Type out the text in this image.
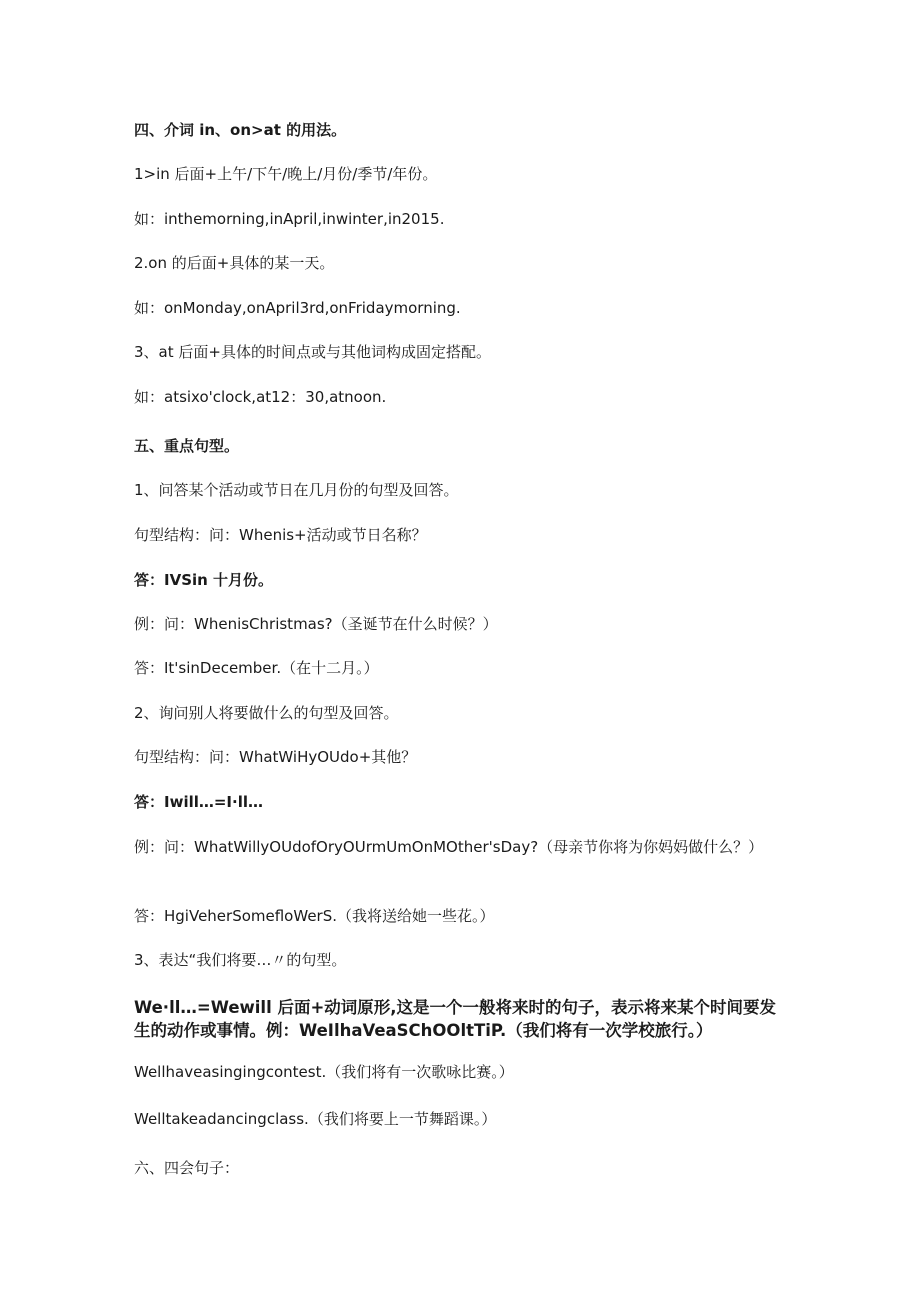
四、介词 in、on>at 的用法。
1>in 后面+上午/下午/晚上/月份/季节/年份。
如：inthemorning,inApril,inwinter,in2015.
2.on 的后面+具体的某一天。
如：onMonday,onApril3rd,onFridaymorning.
3、at 后面+具体的时间点或与其他词构成固定搭配。
如：atsixo'clock,at12：30,atnoon.
五、重点句型。
1、问答某个活动或节日在几月份的句型及回答。
句型结构：问：Whenis+活动或节日名称？
答：IVSin 十月份。
例：问：WhenisChristmas?（圣诞节在什么时候？）
答：It'sinDecember.（在十二月。）
2、询问别人将要做什么的句型及回答。
句型结构：问：WhatWiHyOUdo+其他？
答：Iwill…=I·ll…
例：问：WhatWillyOUdofOryOUrmUmOnMOther'sDay?（母亲节你将为你妈妈做什么？）
答：HgiVeherSomefloWerS.（我将送给她一些花。）
3、表达“我们将要…〃的句型。
We·ll…=Wewill 后面+动词原形,这是一个一般将来时的句子，表示将来某个时间要发生的动作或事情。例：WeIlhaVeaSChOOltTiP.（我们将有一次学校旅行。）
Wellhaveasingingcontest.（我们将有一次歌咏比赛。）
Welltakeadancingclass.（我们将要上一节舞蹈课。）
六、四会句子：
